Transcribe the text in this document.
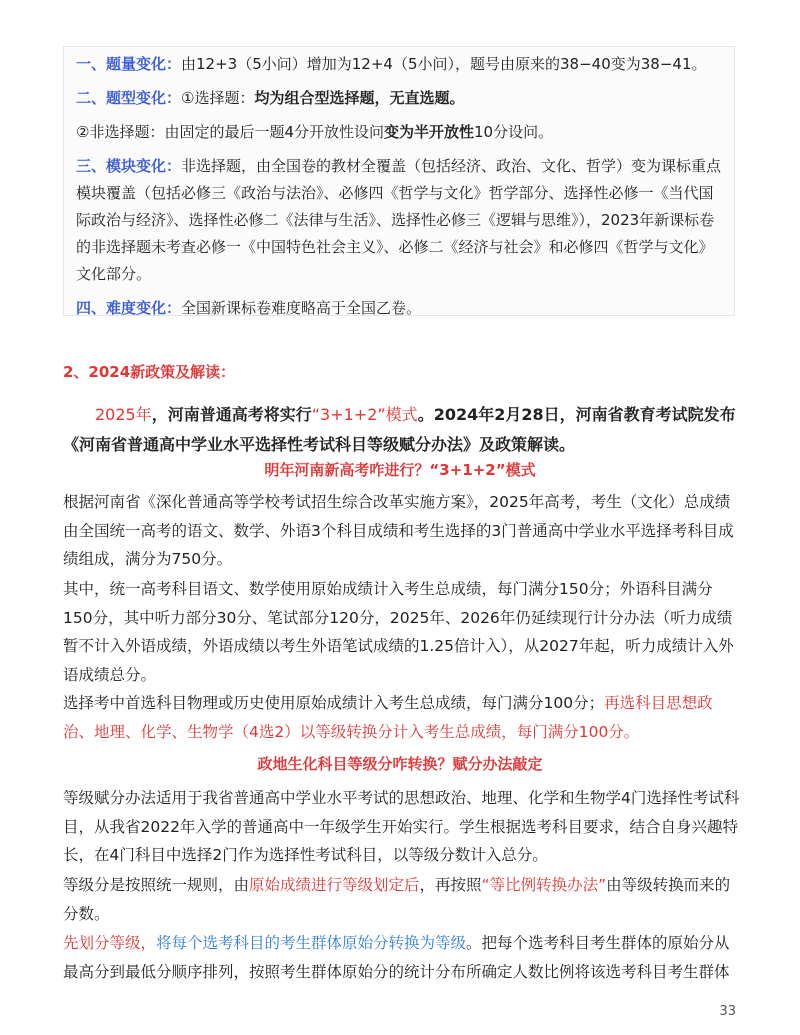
一、题量变化：由12+3（5小问）增加为12+4（5小问），题号由原来的38−40变为38−41。

二、题型变化：①选择题：均为组合型选择题，无直选题。

②非选择题：由固定的最后一题4分开放性设问变为半开放性10分设问。

三、模块变化：非选择题，由全国卷的教材全覆盖（包括经济、政治、文化、哲学）变为课标重点模块覆盖（包括必修三《政治与法治》、必修四《哲学与文化》哲学部分、选择性必修一《当代国际政治与经济》、选择性必修二《法律与生活》、选择性必修三《逻辑与思维》），2023年新课标卷的非选择题未考查必修一《中国特色社会主义》、必修二《经济与社会》和必修四《哲学与文化》文化部分。

四、难度变化：全国新课标卷难度略高于全国乙卷。

2、2024新政策及解读：

2025年，河南普通高考将实行“3+1+2”模式。2024年2月28日，河南省教育考试院发布《河南省普通高中学业水平选择性考试科目等级赋分办法》及政策解读。

明年河南新高考咋进行？“3+1+2”模式

根据河南省《深化普通高等学校考试招生综合改革实施方案》，2025年高考，考生（文化）总成绩由全国统一高考的语文、数学、外语3个科目成绩和考生选择的3门普通高中学业水平选择考科目成绩组成，满分为750分。

其中，统一高考科目语文、数学使用原始成绩计入考生总成绩，每门满分150分；外语科目满分150分，其中听力部分30分、笔试部分120分，2025年、2026年仍延续现行计分办法（听力成绩暂不计入外语成绩，外语成绩以考生外语笔试成绩的1.25倍计入），从2027年起，听力成绩计入外语成绩总分。

选择考中首选科目物理或历史使用原始成绩计入考生总成绩，每门满分100分；再选科目思想政治、地理、化学、生物学（4选2）以等级转换分计入考生总成绩，每门满分100分。

政地生化科目等级分咋转换？赋分办法敲定

等级赋分办法适用于我省普通高中学业水平考试的思想政治、地理、化学和生物学4门选择性考试科目，从我省2022年入学的普通高中一年级学生开始实行。学生根据选考科目要求，结合自身兴趣特长，在4门科目中选择2门作为选择性考试科目，以等级分数计入总分。

等级分是按照统一规则，由原始成绩进行等级划定后，再按照“等比例转换办法”由等级转换而来的分数。

先划分等级，将每个选考科目的考生群体原始分转换为等级。把每个选考科目考生群体的原始分从最高分到最低分顺序排列，按照考生群体原始分的统计分布所确定人数比例将该选考科目考生群体

33
